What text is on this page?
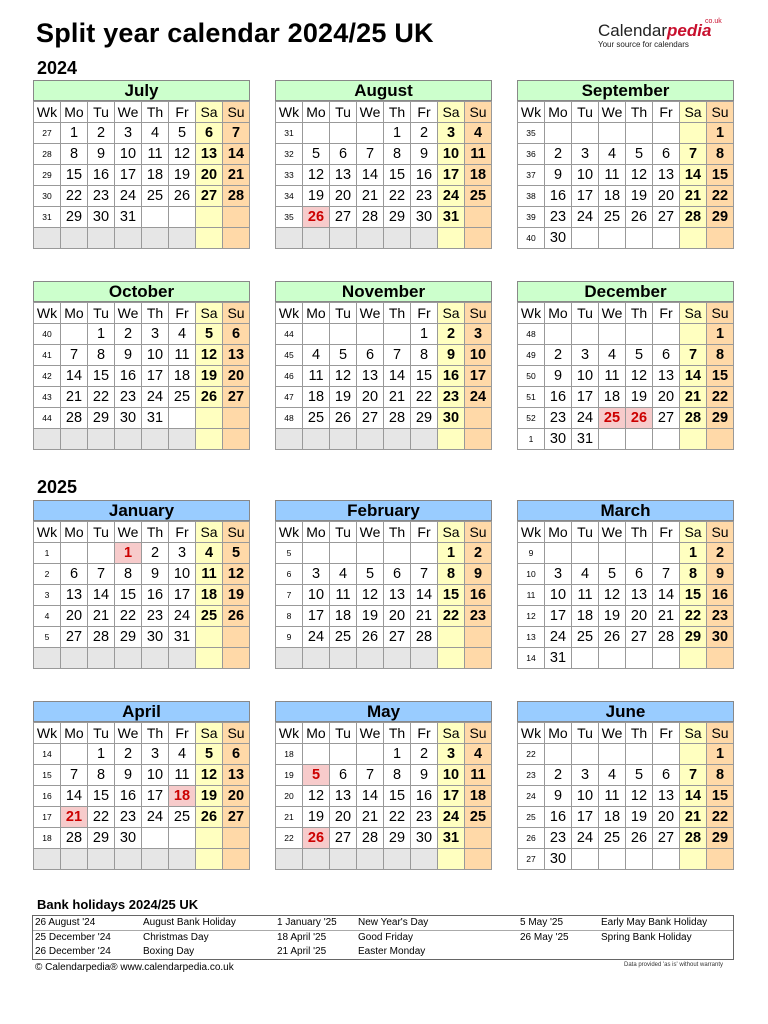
Split year calendar 2024/25 UK	Calendarpedia
co.uk
Your source for calendars
2024
2025
July
Wk	Mo	Tu	We	Th	Fr	Sa	Su
27	1	2	3	4	5	6	7
28	8	9	10	11	12	13	14
29	15	16	17	18	19	20	21
30	22	23	24	25	26	27	28
31	29	30	31				

August
Wk	Mo	Tu	We	Th	Fr	Sa	Su
31				1	2	3	4
32	5	6	7	8	9	10	11
33	12	13	14	15	16	17	18
34	19	20	21	22	23	24	25
35	26	27	28	29	30	31	

September
Wk	Mo	Tu	We	Th	Fr	Sa	Su
35							1
36	2	3	4	5	6	7	8
37	9	10	11	12	13	14	15
38	16	17	18	19	20	21	22
39	23	24	25	26	27	28	29
40	30						
October
Wk	Mo	Tu	We	Th	Fr	Sa	Su
40		1	2	3	4	5	6
41	7	8	9	10	11	12	13
42	14	15	16	17	18	19	20
43	21	22	23	24	25	26	27
44	28	29	30	31			

November
Wk	Mo	Tu	We	Th	Fr	Sa	Su
44					1	2	3
45	4	5	6	7	8	9	10
46	11	12	13	14	15	16	17
47	18	19	20	21	22	23	24
48	25	26	27	28	29	30	

December
Wk	Mo	Tu	We	Th	Fr	Sa	Su
48							1
49	2	3	4	5	6	7	8
50	9	10	11	12	13	14	15
51	16	17	18	19	20	21	22
52	23	24	25	26	27	28	29
1	30	31					
January
Wk	Mo	Tu	We	Th	Fr	Sa	Su
1			1	2	3	4	5
2	6	7	8	9	10	11	12
3	13	14	15	16	17	18	19
4	20	21	22	23	24	25	26
5	27	28	29	30	31		

February
Wk	Mo	Tu	We	Th	Fr	Sa	Su
5						1	2
6	3	4	5	6	7	8	9
7	10	11	12	13	14	15	16
8	17	18	19	20	21	22	23
9	24	25	26	27	28		

March
Wk	Mo	Tu	We	Th	Fr	Sa	Su
9						1	2
10	3	4	5	6	7	8	9
11	10	11	12	13	14	15	16
12	17	18	19	20	21	22	23
13	24	25	26	27	28	29	30
14	31						
April
Wk	Mo	Tu	We	Th	Fr	Sa	Su
14		1	2	3	4	5	6
15	7	8	9	10	11	12	13
16	14	15	16	17	18	19	20
17	21	22	23	24	25	26	27
18	28	29	30				

May
Wk	Mo	Tu	We	Th	Fr	Sa	Su
18				1	2	3	4
19	5	6	7	8	9	10	11
20	12	13	14	15	16	17	18
21	19	20	21	22	23	24	25
22	26	27	28	29	30	31	

June
Wk	Mo	Tu	We	Th	Fr	Sa	Su
22							1
23	2	3	4	5	6	7	8
24	9	10	11	12	13	14	15
25	16	17	18	19	20	21	22
26	23	24	25	26	27	28	29
27	30						
Bank holidays 2024/25 UK
26 August '24	August Bank Holiday
25 December '24	Christmas Day
26 December '24	Boxing Day
1 January '25 New Year's Day
18 April '25	Good Friday
21 April '25	Easter Monday
5 May '25	Early May Bank Holiday
26 May '25	Spring Bank Holiday
© Calendarpedia® www.calendarpedia.co.uk	Data provided 'as is' without warranty
